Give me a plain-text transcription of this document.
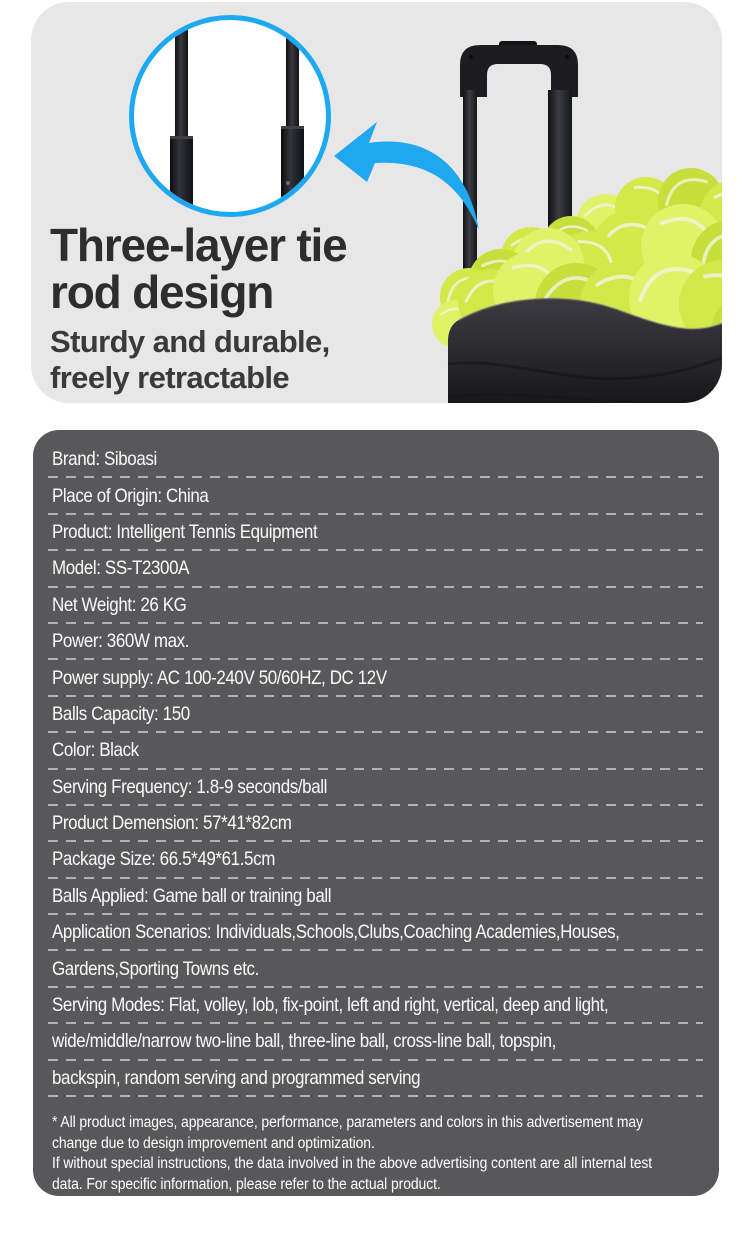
Three-layer tie
rod design
Sturdy and durable,
freely retractable
Brand: Siboasi
Place of Origin: China
Product: Intelligent Tennis Equipment
Model: SS-T2300A
Net Weight: 26 KG
Power: 360W max.
Power supply: AC 100-240V 50/60HZ, DC 12V
Balls Capacity: 150
Color: Black
Serving Frequency: 1.8-9 seconds/ball
Product Demension: 57*41*82cm
Package Size: 66.5*49*61.5cm
Balls Applied: Game ball or training ball
Application Scenarios: Individuals,Schools,Clubs,Coaching Academies,Houses,
Gardens,Sporting Towns etc.
Serving Modes: Flat, volley, lob, fix-point, left and right, vertical, deep and light,
wide/middle/narrow two-line ball, three-line ball, cross-line ball, topspin,
backspin, random serving and programmed serving
* All product images, appearance, performance, parameters and colors in this advertisement may
change due to design improvement and optimization.
If without special instructions, the data involved in the above advertising content are all internal test
data. For specific information, please refer to the actual product.
